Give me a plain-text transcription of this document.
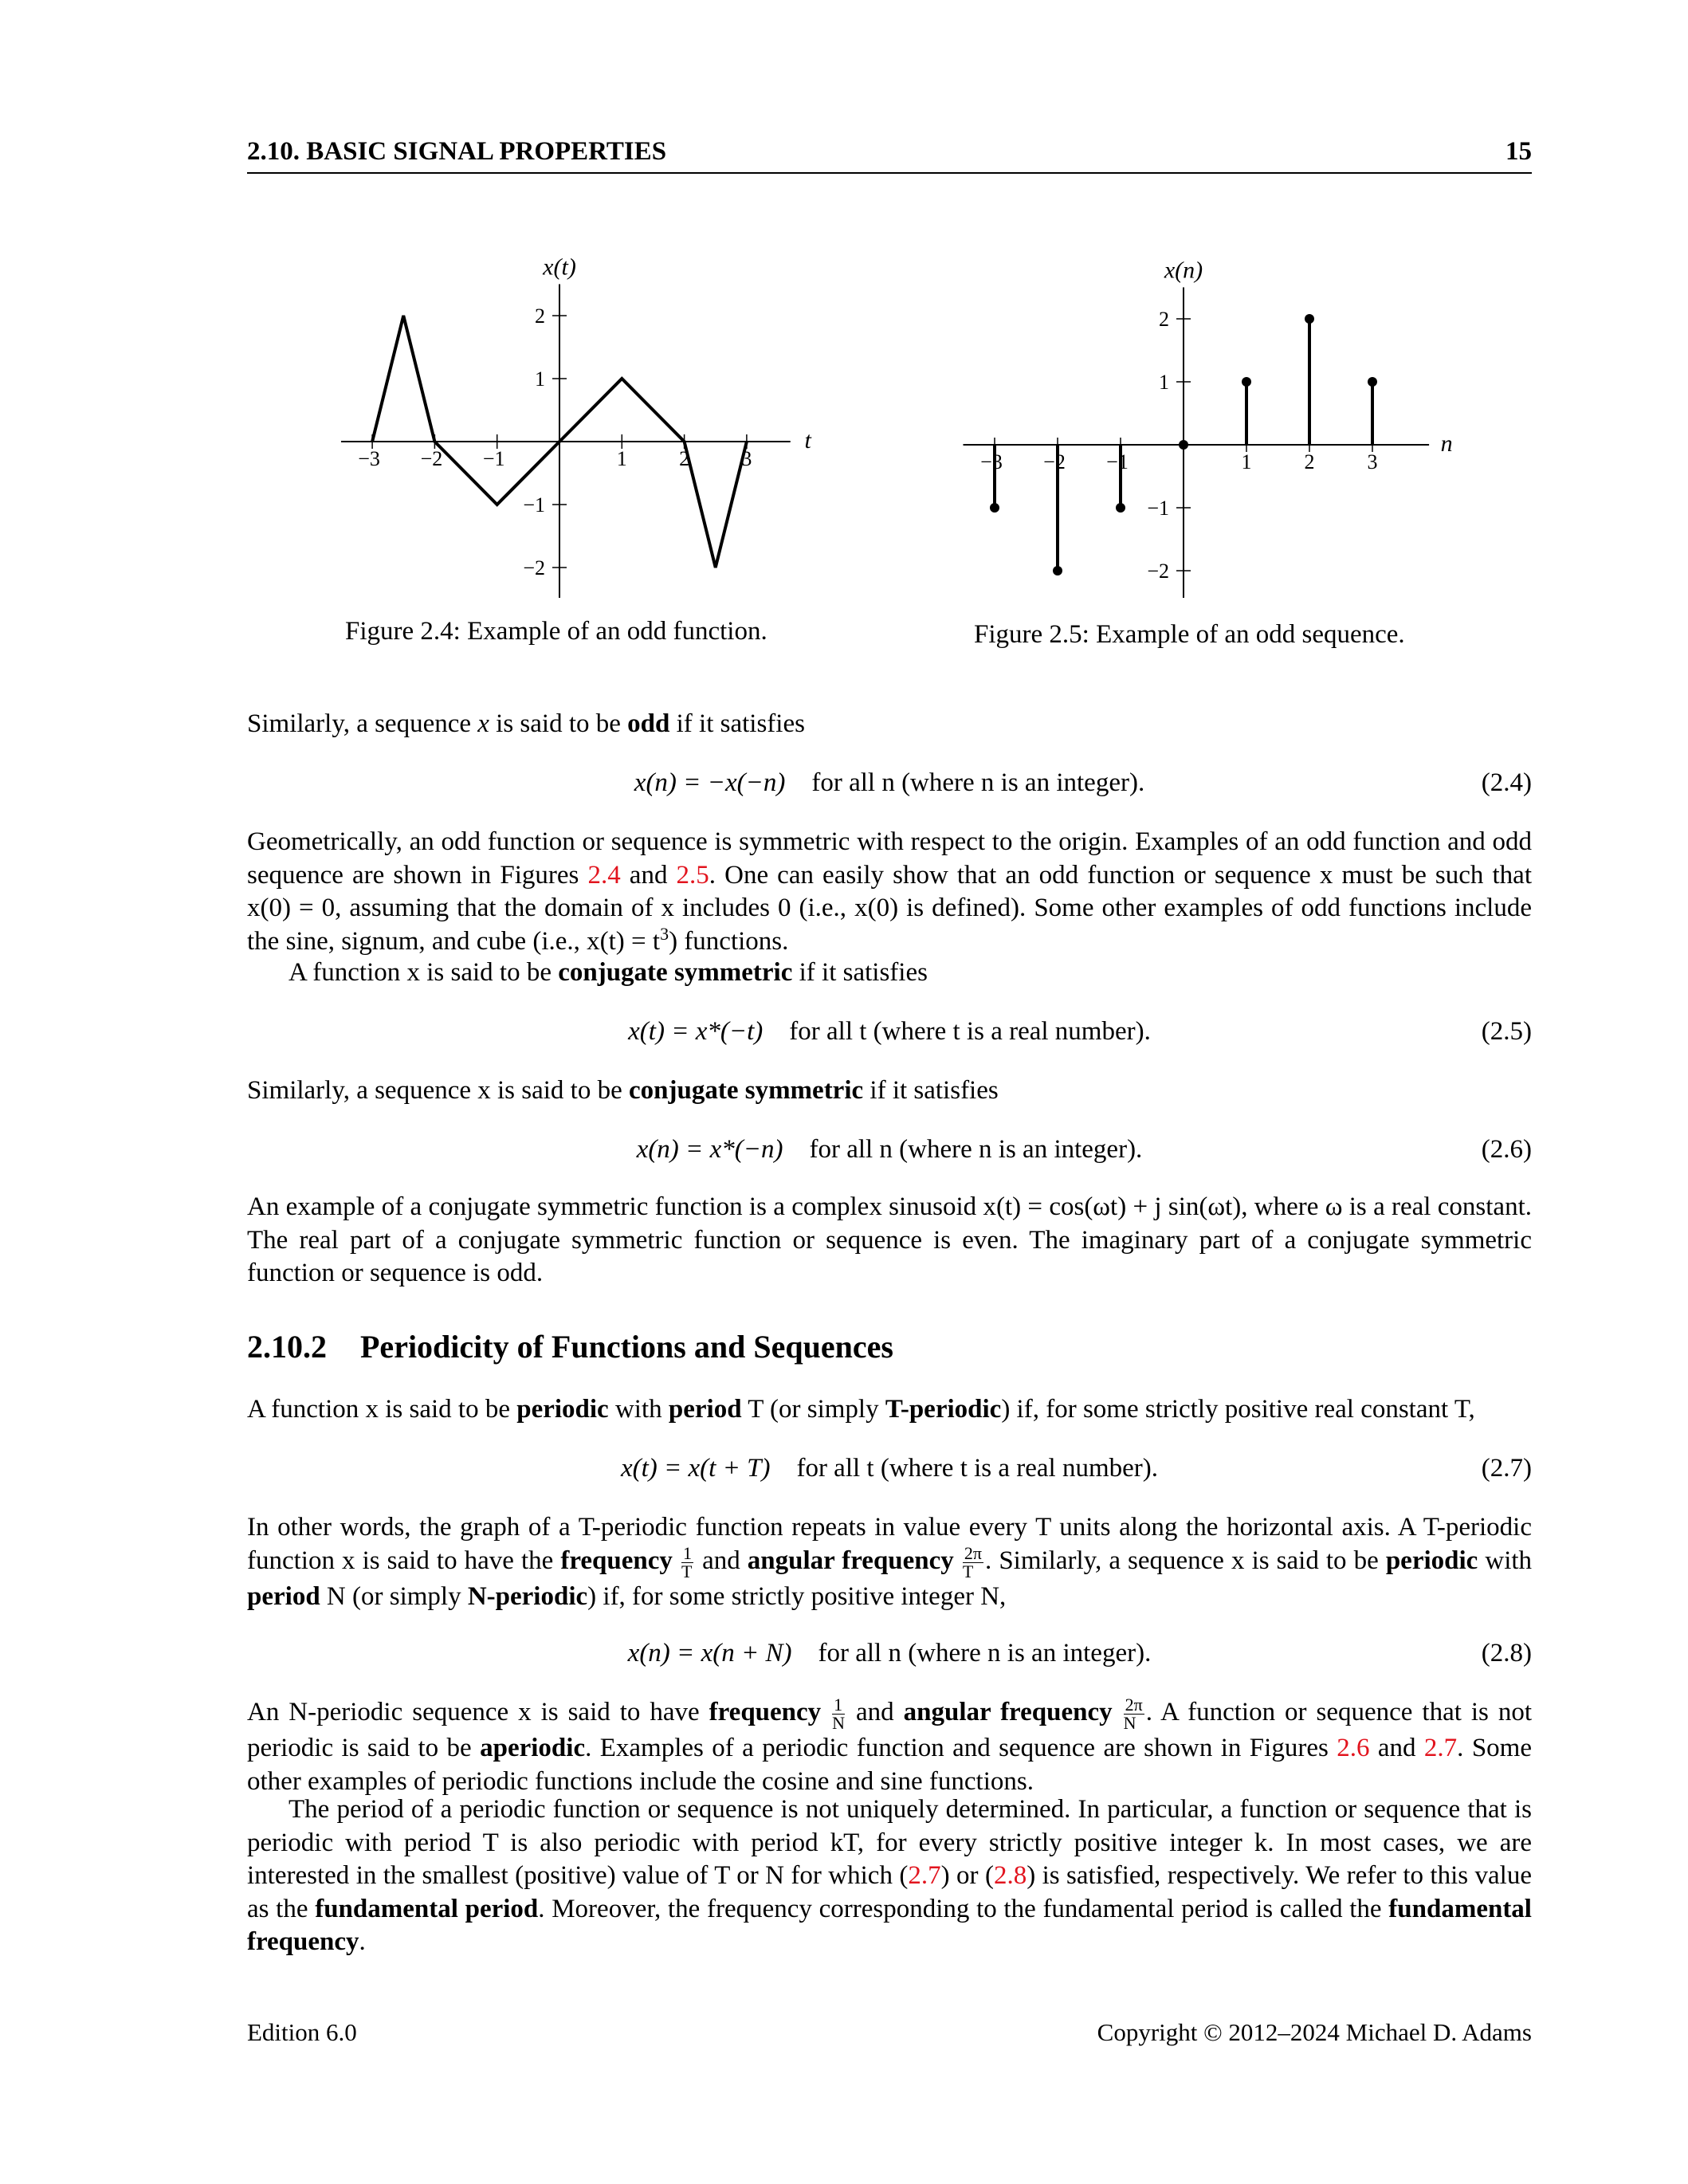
2.10. BASIC SIGNAL PROPERTIES	15
−3 −2 −1	1	2	3
2
1
−1
−2
x(t)
t
Figure 2.4: Example of an odd function.
−3 −2 −1	1	2	3
2
1
−1
−2
x(n)
n
Figure 2.5: Example of an odd sequence.
Similarly, a sequence x is said to be odd if it satisfies
x(n) = −x(−n) for all n (where n is an integer).	(2.4)
Geometrically, an odd function or sequence is symmetric with respect to the origin. Examples of an odd function and odd sequence are shown in Figures 2.4 and 2.5. One can easily show that an odd function or sequence x must be such that x(0) = 0, assuming that the domain of x includes 0 (i.e., x(0) is defined). Some other examples of odd functions include the sine, signum, and cube (i.e., $x(t) = t^3$) functions.
A function x is said to be conjugate symmetric if it satisfies
x(t) = x*(−t) for all t (where t is a real number).	(2.5)
Similarly, a sequence x is said to be conjugate symmetric if it satisfies
x(n) = x*(−n) for all n (where n is an integer).	(2.6)
An example of a conjugate symmetric function is a complex sinusoid x(t) = cos(ωt) + j sin(ωt), where ω is a real constant. The real part of a conjugate symmetric function or sequence is even. The imaginary part of a conjugate symmetric function or sequence is odd.
2.10.2 Periodicity of Functions and Sequences
A function x is said to be periodic with period T (or simply T-periodic) if, for some strictly positive real constant T,
x(t) = x(t + T) for all t (where t is a real number).	(2.7)
In other words, the graph of a T-periodic function repeats in value every T units along the horizontal axis. A T-periodic function x is said to have the frequency $\frac{1}{T}$ and angular frequency $\frac{2\pi}{T}$ . Similarly, a sequence x is said to be periodic with period N (or simply N-periodic) if, for some strictly positive integer N,
x(n) = x(n + N) for all n (where n is an integer).	(2.8)
An N-periodic sequence x is said to have frequency $\frac{1}{N}$ and angular frequency $\frac{2\pi}{N}$ . A function or sequence that is not periodic is said to be aperiodic. Examples of a periodic function and sequence are shown in Figures 2.6 and 2.7. Some other examples of periodic functions include the cosine and sine functions.
The period of a periodic function or sequence is not uniquely determined. In particular, a function or sequence that is periodic with period T is also periodic with period kT, for every strictly positive integer k. In most cases, we are interested in the smallest (positive) value of T or N for which (2.7) or (2.8) is satisfied, respectively. We refer to this value as the fundamental period. Moreover, the frequency corresponding to the fundamental period is called the fundamental frequency.
Edition 6.0	Copyright © 2012–2024 Michael D. Adams
